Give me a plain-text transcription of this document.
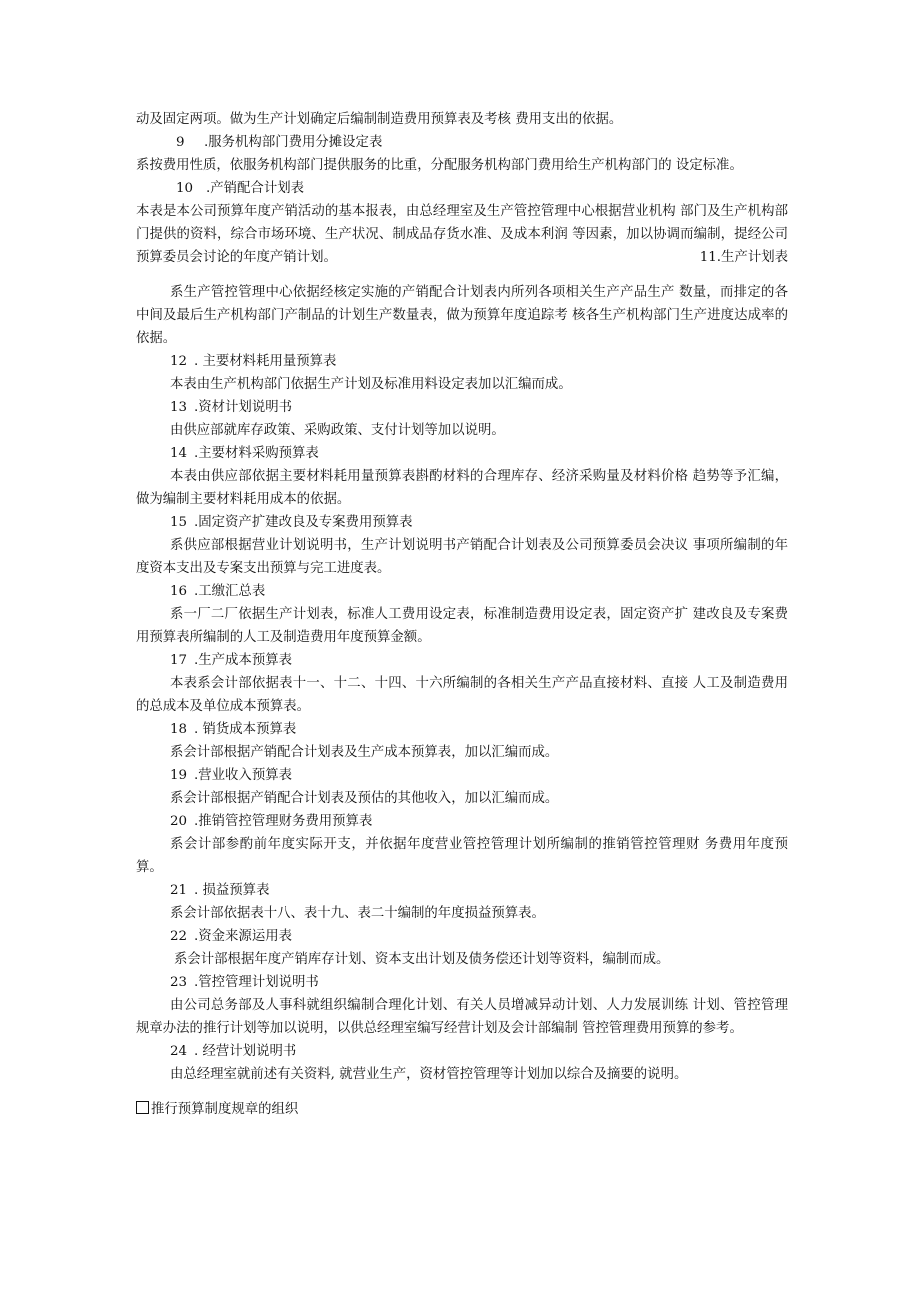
动及固定两项。做为生产计划确定后编制制造费用预算表及考核 费用支出的依据。

9 .服务机构部门费用分摊设定表

系按费用性质，依服务机构部门提供服务的比重，分配服务机构部门费用给生产机构部门的 设定标准。

10 .产销配合计划表

本表是本公司预算年度产销活动的基本报表，由总经理室及生产管控管理中心根据营业机构 部门及生产机构部门提供的资料，综合市场环境、生产状况、制成品存货水准、及成本利润 等因素，加以协调而编制，提经公司预算委员会讨论的年度产销计划。	11.生产计划表

系生产管控管理中心依据经核定实施的产销配合计划表内所列各项相关生产产品生产 数量，而排定的各中间及最后生产机构部门产制品的计划生产数量表，做为预算年度追踪考 核各生产机构部门生产进度达成率的依据。

12 . 主要材料耗用量预算表

本表由生产机构部门依据生产计划及标准用料设定表加以汇编而成。

13 .资材计划说明书

由供应部就库存政策、采购政策、支付计划等加以说明。

14 .主要材料采购预算表

本表由供应部依据主要材料耗用量预算表斟酌材料的合理库存、经济采购量及材料价格 趋势等予汇编，做为编制主要材料耗用成本的依据。

15 .固定资产扩建改良及专案费用预算表

系供应部根据营业计划说明书，生产计划说明书产销配合计划表及公司预算委员会决议 事项所编制的年度资本支出及专案支出预算与完工进度表。

16 .工缴汇总表

系一厂二厂依据生产计划表，标准人工费用设定表，标准制造费用设定表，固定资产扩 建改良及专案费用预算表所编制的人工及制造费用年度预算金额。

17 .生产成本预算表

本表系会计部依据表十一、十二、十四、十六所编制的各相关生产产品直接材料、直接 人工及制造费用的总成本及单位成本预算表。

18 . 销货成本预算表

系会计部根据产销配合计划表及生产成本预算表，加以汇编而成。

19 .营业收入预算表

系会计部根据产销配合计划表及预估的其他收入，加以汇编而成。

20 .推销管控管理财务费用预算表

系会计部参酌前年度实际开支，并依据年度营业管控管理计划所编制的推销管控管理财 务费用年度预算。

21 . 损益预算表

系会计部依据表十八、表十九、表二十编制的年度损益预算表。

22 .资金来源运用表

系会计部根据年度产销库存计划、资本支出计划及债务偿还计划等资料，编制而成。

23 .管控管理计划说明书

由公司总务部及人事科就组织编制合理化计划、有关人员增减异动计划、人力发展训练 计划、管控管理规章办法的推行计划等加以说明，以供总经理室编写经营计划及会计部编制 管控管理费用预算的参考。

24 . 经营计划说明书

由总经理室就前述有关资料, 就营业生产，资材管控管理等计划加以综合及摘要的说明。

推行预算制度规章的组织
